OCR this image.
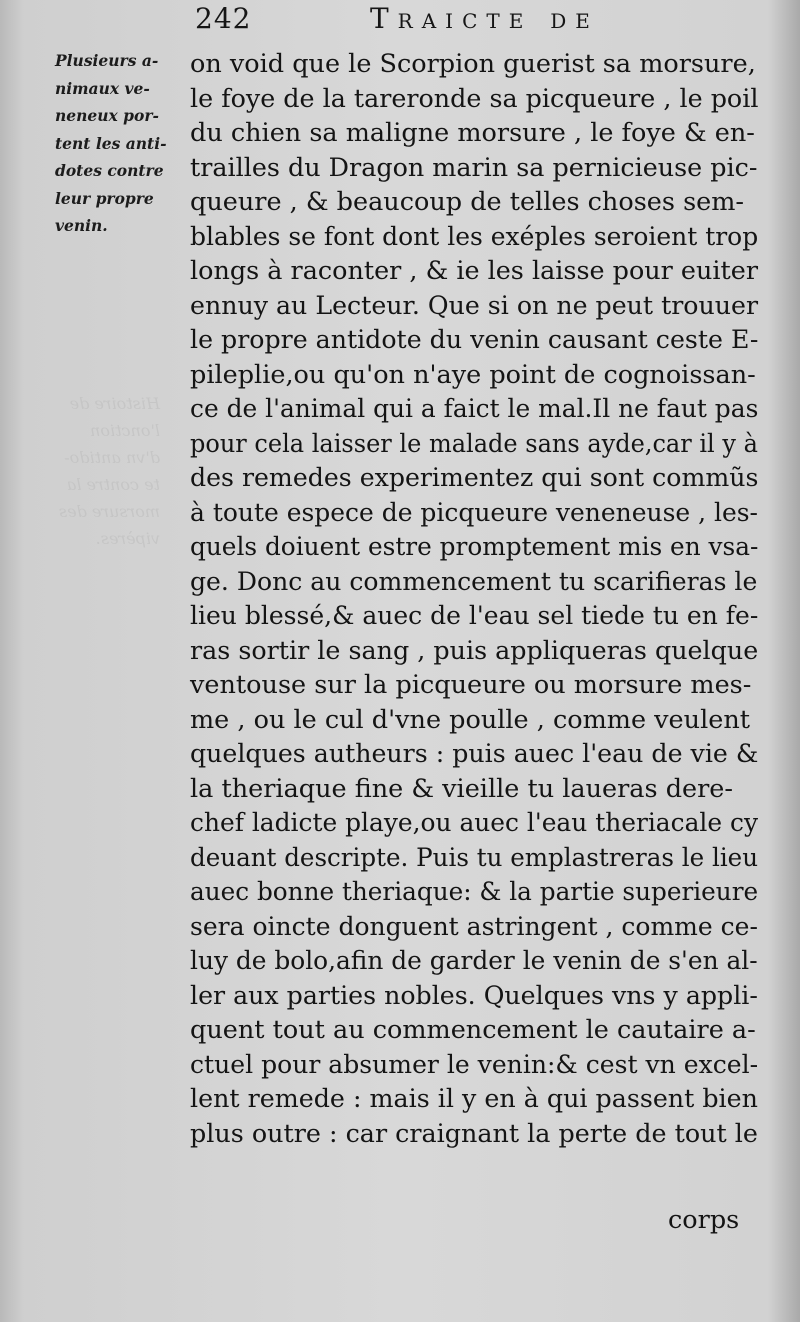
Histoire de
l'onction
d'vn antido-
te contre la
morsure des
vipères.
242	Traicte de
Plusieurs a-
nimaux ve-
neneux por-
tent les anti-
dotes contre
leur propre
venin.
on void que le Scorpion guerist sa morsure,
le foye de la tareronde sa picqueure , le poil
du chien sa maligne morsure , le foye & en-
trailles du Dragon marin sa pernicieuse pic-
queure , & beaucoup de telles choses sem-
blables se font dont les exéples seroient trop
longs à raconter , & ie les laisse pour euiter
ennuy au Lecteur. Que si on ne peut trouuer
le propre antidote du venin causant ceste E-
pileplie,ou qu'on n'aye point de cognoissan-
ce de l'animal qui a faict le mal.Il ne faut pas
pour cela laisser le malade sans ayde,car il y à
des remedes experimentez qui sont commũs
à toute espece de picqueure veneneuse , les-
quels doiuent estre promptement mis en vsa-
ge. Donc au commencement tu scarifieras le
lieu blessé,& auec de l'eau sel tiede tu en fe-
ras sortir le sang , puis appliqueras quelque
ventouse sur la picqueure ou morsure mes-
me , ou le cul d'vne poulle , comme veulent
quelques autheurs : puis auec l'eau de vie &
la theriaque fine & vieille tu laueras dere-
chef ladicte playe,ou auec l'eau theriacale cy
deuant descripte. Puis tu emplastreras le lieu
auec bonne theriaque: & la partie superieure
sera oincte donguent astringent , comme ce-
luy de bolo,afin de garder le venin de s'en al-
ler aux parties nobles. Quelques vns y appli-
quent tout au commencement le cautaire a-
ctuel pour absumer le venin:& cest vn excel-
lent remede : mais il y en à qui passent bien
plus outre : car craignant la perte de tout le
corps
